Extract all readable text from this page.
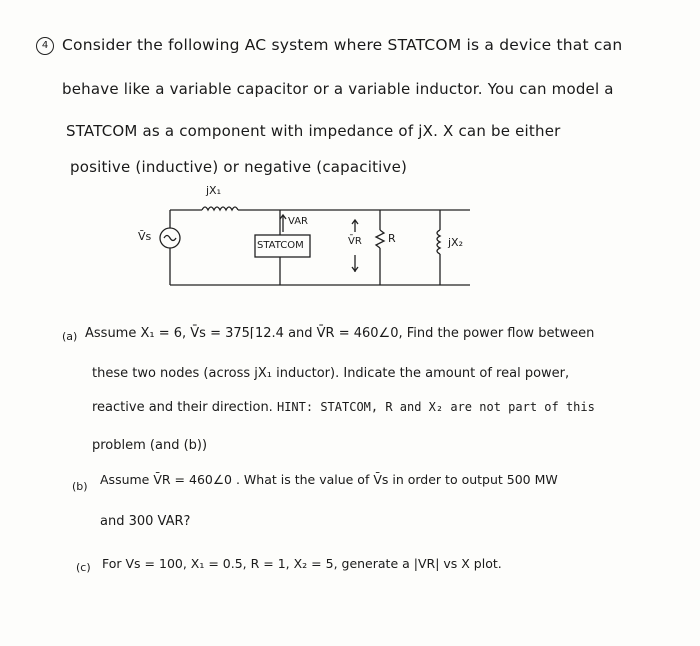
4 Consider the following AC system where STATCOM is a device that can
behave like a variable capacitor or a variable inductor. You can model a
STATCOM as a component with impedance of jX. X can be either
positive (inductive) or negative (capacitive)
jX₁
V̄s
VAR
STATCOM	V̄R R	jX₂
(a) Assume X₁ = 6, V̄s = 375⌈12.4 and V̄R = 460∠0, Find the power flow between
these two nodes (across jX₁ inductor). Indicate the amount of real power,
reactive and their direction. HINT: STATCOM, R and X₂ are not part of this
problem (and (b))
(b) Assume V̄R = 460∠0 . What is the value of V̄s in order to output 500 MW
and 300 VAR?
(c) For Vs = 100, X₁ = 0.5, R = 1, X₂ = 5, generate a |VR| vs X plot.
